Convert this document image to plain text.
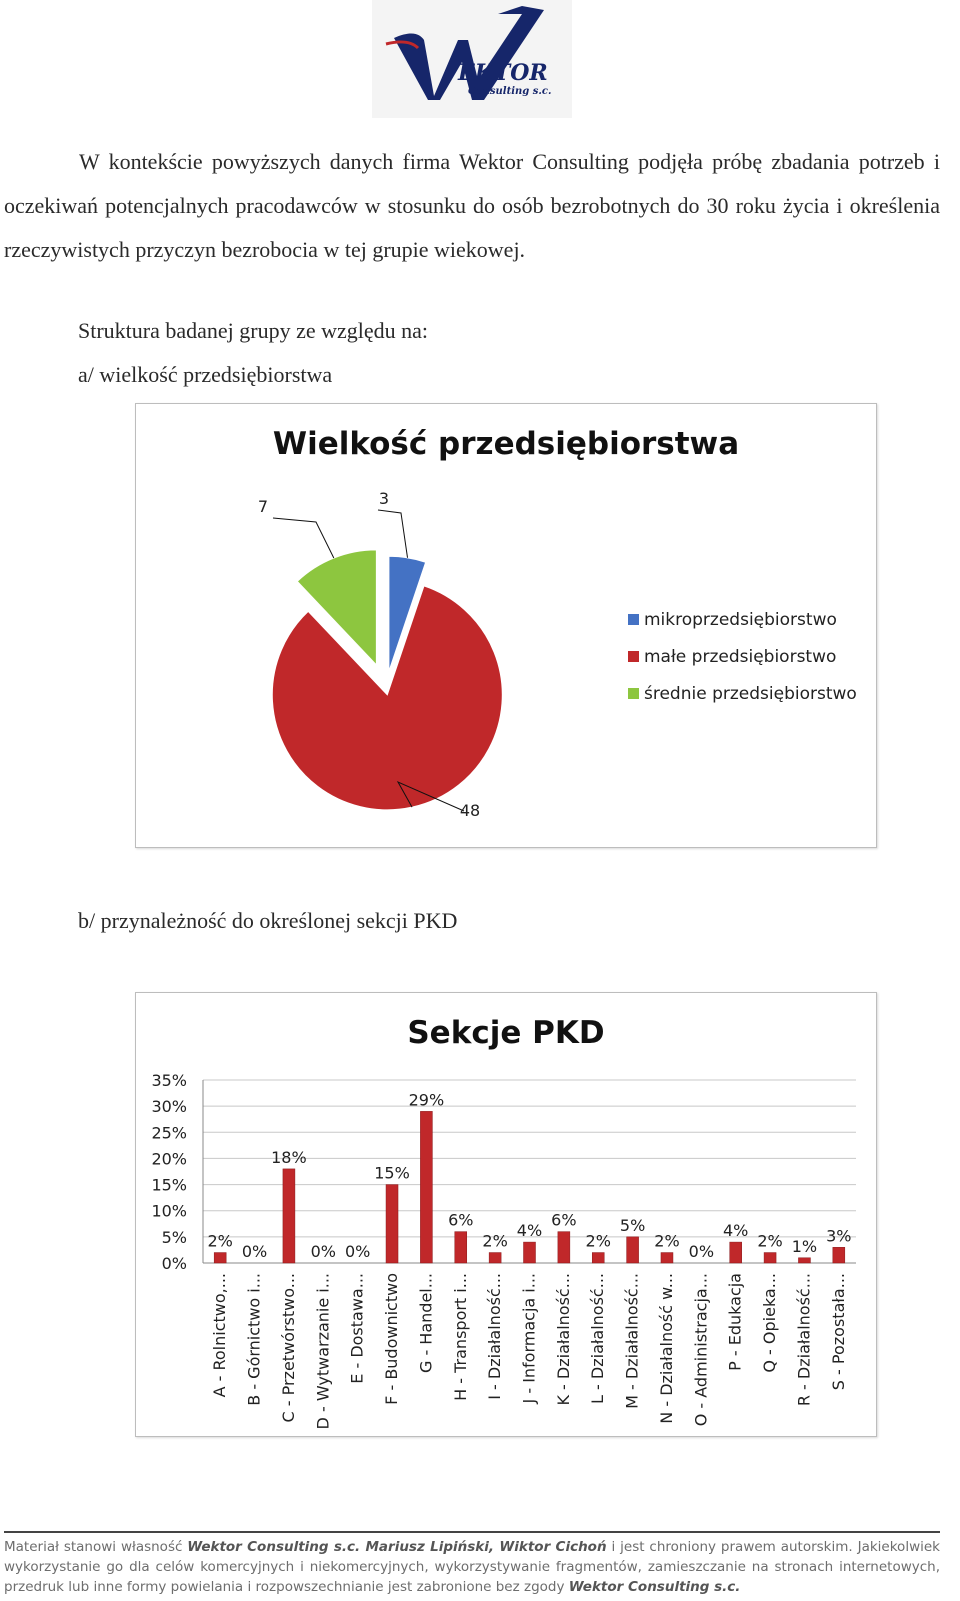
EKTOR
Consulting s.c.
W kontekście powyższych danych firma Wektor Consulting podjęła próbę zbadania potrzeb i oczekiwań potencjalnych pracodawców w stosunku do osób bezrobotnych do 30 roku życia i określenia rzeczywistych przyczyn bezrobocia w tej grupie wiekowej.
Struktura badanej grupy ze względu na:
a/ wielkość przedsiębiorstwa
Wielkość przedsiębiorstwa
3
48
7
mikroprzedsiębiorstwo
małe przedsiębiorstwo
średnie przedsiębiorstwo
b/ przynależność do określonej sekcji PKD
Sekcje PKD
0%
5%
10%
15%
20%
25%
30%
35%
2%
0%
18%
0% 0%
15%
29%
6%
2%
4%
6%
2%
5%
2%
0%
4%
2% 1%
3%
A - Rolnictwo,... B - Górnictwo i... C - Przetwórstwo... D - Wytwarzanie i... E - Dostawa... F - Budownictwo G - Handel... H - Transport i... I - Działalność... J - Informacja i... K - Działalność... L - Działalność... M - Działalność... N - Działalność w... O - Administracja... P - Edukacja Q - Opieka... R - Działalność... S - Pozostała...
Materiał stanowi własność Wektor Consulting s.c. Mariusz Lipiński, Wiktor Cichoń i jest chroniony prawem autorskim. Jakiekolwiek wykorzystanie go dla celów komercyjnych i niekomercyjnych, wykorzystywanie fragmentów, zamieszczanie na stronach internetowych, przedruk lub inne formy powielania i rozpowszechnianie jest zabronione bez zgody Wektor Consulting s.c.
